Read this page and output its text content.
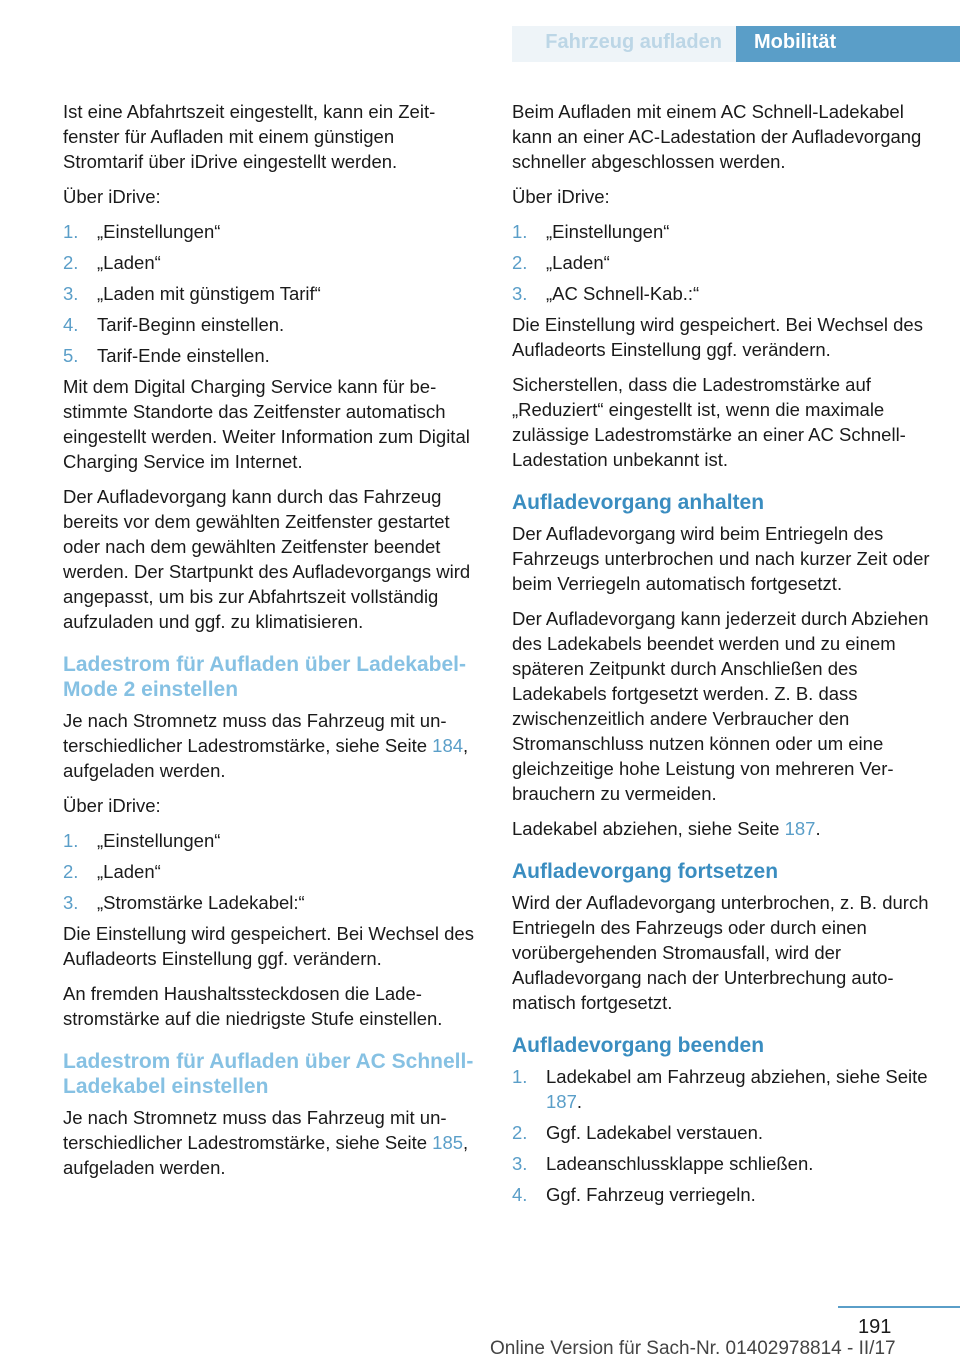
Fahrzeug aufladen	Mobilität

Ist eine Abfahrtszeit eingestellt, kann ein Zeitfenster für Aufladen mit einem günstigen Stromtarif über iDrive eingestellt werden.

Über iDrive:

1.	„Einstellungen“
2.	„Laden“
3.	„Laden mit günstigem Tarif“
4.	Tarif-Beginn einstellen.
5.	Tarif-Ende einstellen.

Mit dem Digital Charging Service kann für bestimmte Standorte das Zeitfenster automatisch eingestellt werden. Weiter Information zum Digital Charging Service im Internet.

Der Aufladevorgang kann durch das Fahrzeug bereits vor dem gewählten Zeitfenster gestartet oder nach dem gewählten Zeitfenster beendet werden. Der Startpunkt des Aufladevorgangs wird angepasst, um bis zur Abfahrtszeit vollständig aufzuladen und ggf. zu klimatisieren.

Ladestrom für Aufladen über Ladekabel-Mode 2 einstellen

Je nach Stromnetz muss das Fahrzeug mit unterschiedlicher Ladestromstärke, siehe Seite 184, aufgeladen werden.

Über iDrive:

1.	„Einstellungen“
2.	„Laden“
3.	„Stromstärke Ladekabel:“

Die Einstellung wird gespeichert. Bei Wechsel des Aufladeorts Einstellung ggf. verändern.

An fremden Haushaltssteckdosen die Ladestromstärke auf die niedrigste Stufe einstellen.

Ladestrom für Aufladen über AC Schnell-Ladekabel einstellen

Je nach Stromnetz muss das Fahrzeug mit unterschiedlicher Ladestromstärke, siehe Seite 185, aufgeladen werden.

Beim Aufladen mit einem AC Schnell-Ladekabel kann an einer AC-Ladestation der Aufladevorgang schneller abgeschlossen werden.

Über iDrive:

1.	„Einstellungen“
2.	„Laden“
3.	„AC Schnell-Kab.:“

Die Einstellung wird gespeichert. Bei Wechsel des Aufladeorts Einstellung ggf. verändern.

Sicherstellen, dass die Ladestromstärke auf „Reduziert“ eingestellt ist, wenn die maximale zulässige Ladestromstärke an einer AC Schnell-Ladestation unbekannt ist.

Aufladevorgang anhalten

Der Aufladevorgang wird beim Entriegeln des Fahrzeugs unterbrochen und nach kurzer Zeit oder beim Verriegeln automatisch fortgesetzt.

Der Aufladevorgang kann jederzeit durch Abziehen des Ladekabels beendet werden und zu einem späteren Zeitpunkt durch Anschließen des Ladekabels fortgesetzt werden. Z. B. dass zwischenzeitlich andere Verbraucher den Stromanschluss nutzen können oder um eine gleichzeitige hohe Leistung von mehreren Verbrauchern zu vermeiden.

Ladekabel abziehen, siehe Seite 187.

Aufladevorgang fortsetzen

Wird der Aufladevorgang unterbrochen, z. B. durch Entriegeln des Fahrzeugs oder durch einen vorübergehenden Stromausfall, wird der Aufladevorgang nach der Unterbrechung automatisch fortgesetzt.

Aufladevorgang beenden
1.	Ladekabel am Fahrzeug abziehen, siehe Seite 187.
2.	Ggf. Ladekabel verstauen.
3.	Ladeanschlussklappe schließen.
4.	Ggf. Fahrzeug verriegeln.
191
Online Version für Sach-Nr. 01402978814 - II/17
